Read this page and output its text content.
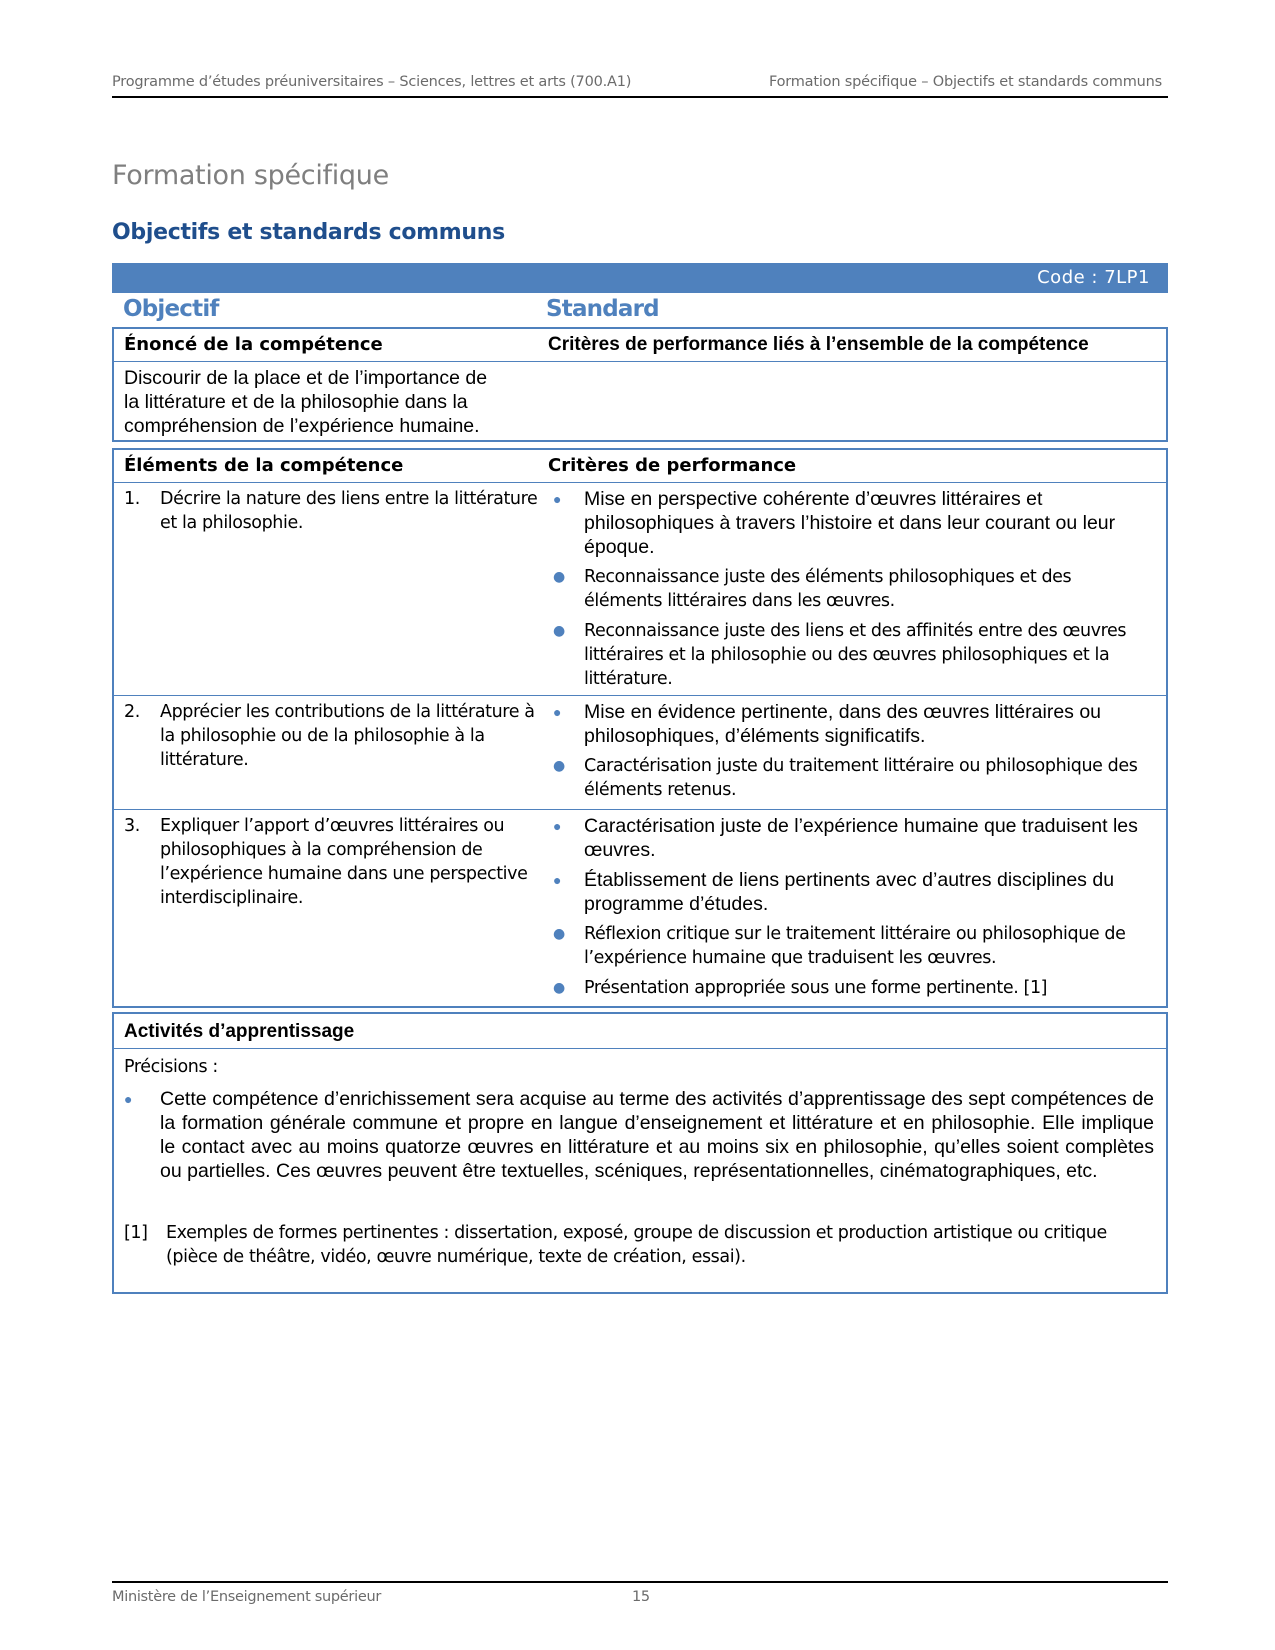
Programme d’études préuniversitaires – Sciences, lettres et arts (700.A1)	Formation spécifique – Objectifs et standards communs
Formation spécifique
Objectifs et standards communs
Code : 7LP1
Objectif	Standard
Énoncé de la compétence	Critères de performance liés à l’ensemble de la compétence
Discourir de la place et de l’importance de
la littérature et de la philosophie dans la
compréhension de l’expérience humaine.
Éléments de la compétence	Critères de performance
1. Décrire la nature des liens entre la littérature et la philosophie.
● Mise en perspective cohérente d’œuvres littéraires et philosophiques à travers l’histoire et dans leur courant ou leur époque.
● Reconnaissance juste des éléments philosophiques et des éléments littéraires dans les œuvres.
● Reconnaissance juste des liens et des affinités entre des œuvres littéraires et la philosophie ou des œuvres philosophiques et la littérature.
2. Apprécier les contributions de la littérature à la philosophie ou de la philosophie à la littérature.
● Mise en évidence pertinente, dans des œuvres littéraires ou philosophiques, d’éléments significatifs.
● Caractérisation juste du traitement littéraire ou philosophique des éléments retenus.
3. Expliquer l’apport d’œuvres littéraires ou philosophiques à la compréhension de l’expérience humaine dans une perspective interdisciplinaire.
● Caractérisation juste de l’expérience humaine que traduisent les œuvres.
● Établissement de liens pertinents avec d’autres disciplines du programme d’études.
● Réflexion critique sur le traitement littéraire ou philosophique de l’expérience humaine que traduisent les œuvres.
● Présentation appropriée sous une forme pertinente. [1]
Activités d’apprentissage
Précisions :
● Cette compétence d’enrichissement sera acquise au terme des activités d’apprentissage des sept compétences de la formation générale commune et propre en langue d’enseignement et littérature et en philosophie. Elle implique le contact avec au moins quatorze œuvres en littérature et au moins six en philosophie, qu’elles soient complètes ou partielles. Ces œuvres peuvent être textuelles, scéniques, représentationnelles, cinématographiques, etc.
[1] Exemples de formes pertinentes : dissertation, exposé, groupe de discussion et production artistique ou critique (pièce de théâtre, vidéo, œuvre numérique, texte de création, essai).
Ministère de l’Enseignement supérieur	15
